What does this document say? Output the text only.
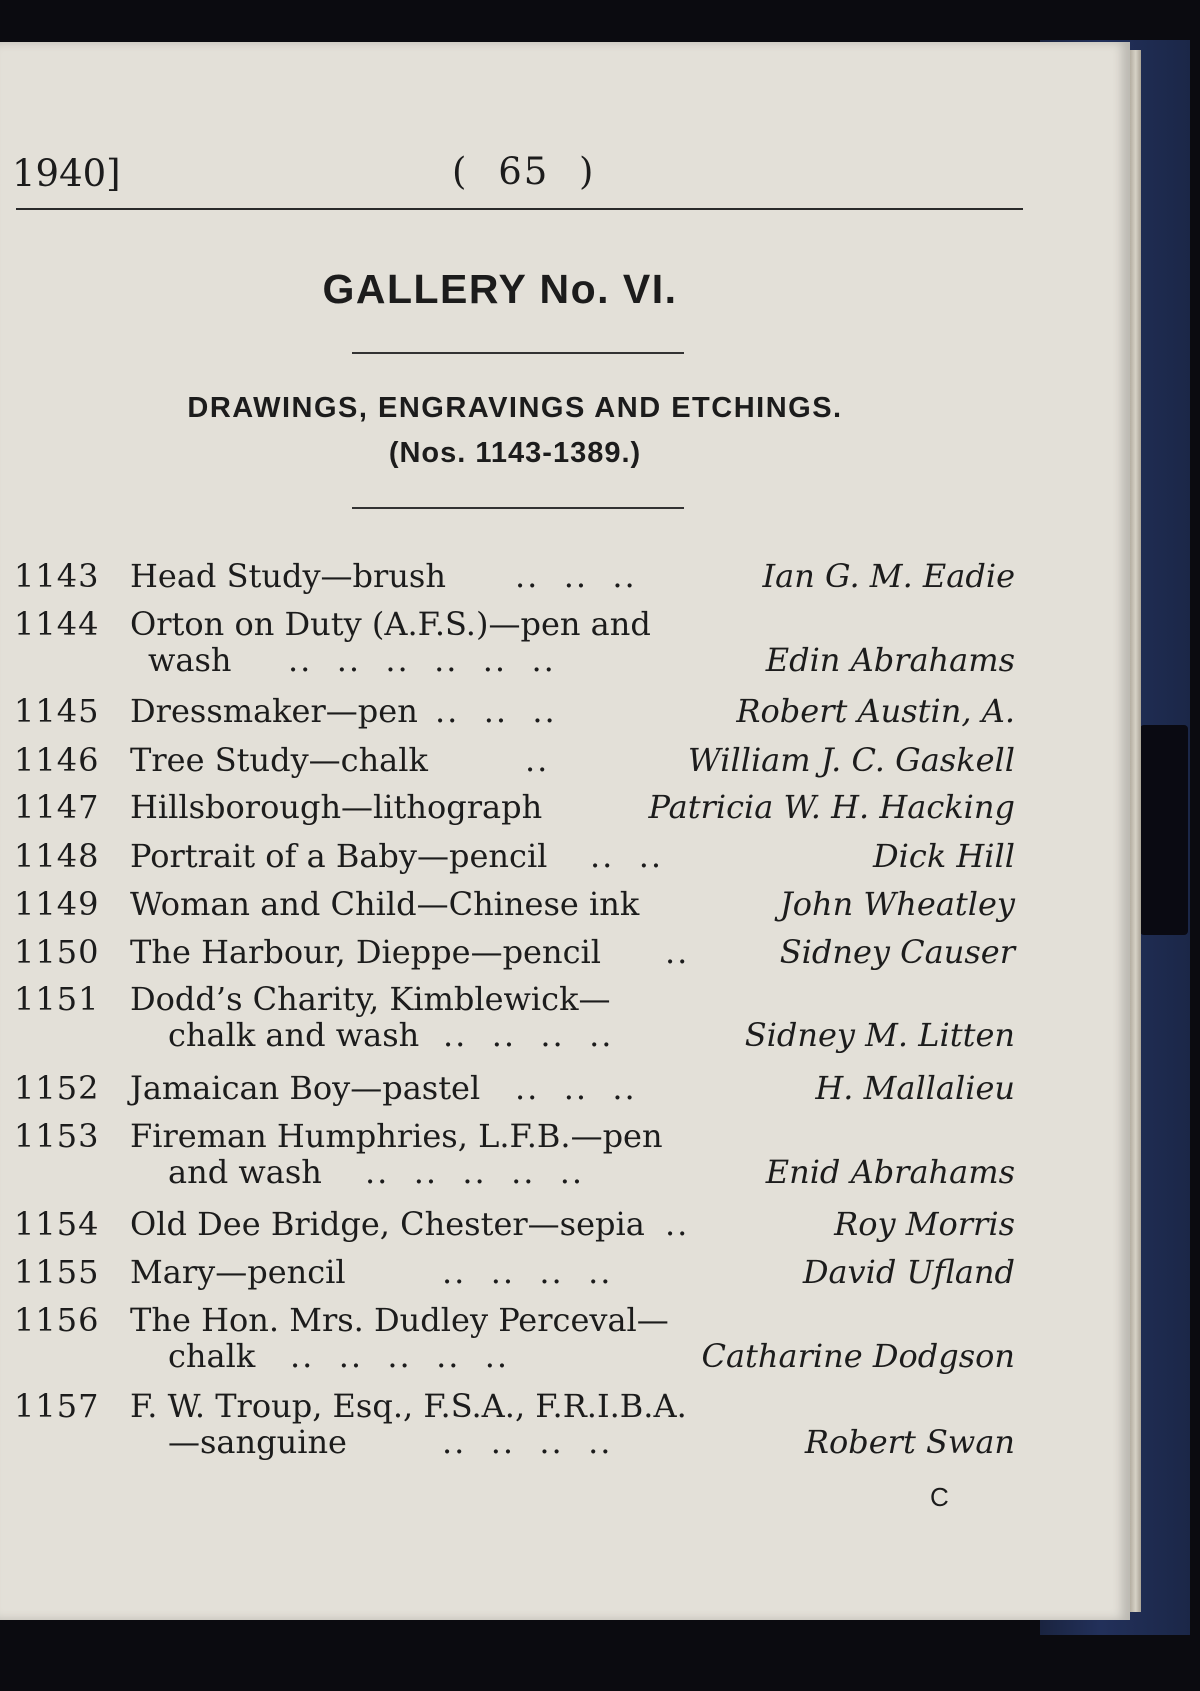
1940]	( 65 )
GALLERY No. VI.
DRAWINGS, ENGRAVINGS AND ETCHINGS.
(Nos. 1143-1389.)
1143 Head Study—brush ..  ..  ..	Ian G. M. Eadie
1144 Orton on Duty (A.F.S.)—pen and
wash ..  ..  ..  ..  ..  ..	Edin Abrahams
1145 Dressmaker—pen ..  ..  ..	Robert Austin, A.
1146 Tree Study—chalk	..	William J. C. Gaskell
1147 Hillsborough—lithograph	Patricia W. H. Hacking
1148 Portrait of a Baby—pencil ..  ..	Dick Hill
1149 Woman and Child—Chinese ink	John Wheatley
1150 The Harbour, Dieppe—pencil ..	Sidney Causer
1151 Dodd’s Charity, Kimblewick—
chalk and wash ..  ..  ..  ..	Sidney M. Litten
1152 Jamaican Boy—pastel ..  ..  ..	H. Mallalieu
1153 Fireman Humphries, L.F.B.—pen
and wash ..  ..  ..  ..  ..	Enid Abrahams
1154 Old Dee Bridge, Chester—sepia ..	Roy Morris
1155 Mary—pencil	..  ..  ..  ..	David Ufland
1156 The Hon. Mrs. Dudley Perceval—
chalk ..  ..  ..  ..  ..	Catharine Dodgson
1157 F. W. Troup, Esq., F.S.A., F.R.I.B.A.
—sanguine	..  ..  ..  ..	Robert Swan
C
